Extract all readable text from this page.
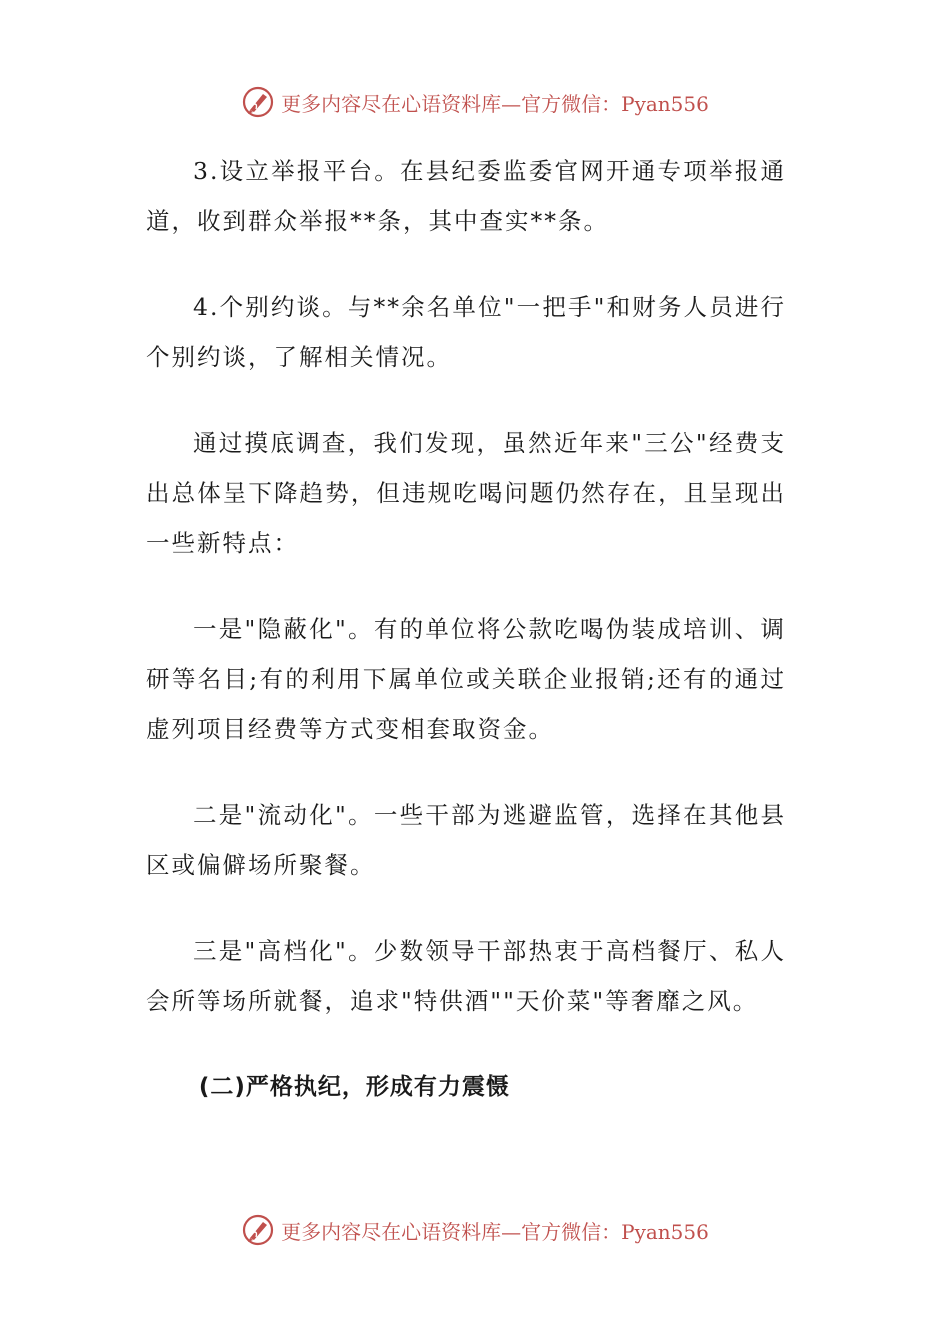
更多内容尽在心语资料库—官方微信：Pyan556

3.设立举报平台。在县纪委监委官网开通专项举报通道，收到群众举报**条，其中查实**条。

4.个别约谈。与**余名单位"一把手"和财务人员进行个别约谈，了解相关情况。

通过摸底调查，我们发现，虽然近年来"三公"经费支出总体呈下降趋势，但违规吃喝问题仍然存在，且呈现出一些新特点：

一是"隐蔽化"。有的单位将公款吃喝伪装成培训、调研等名目;有的利用下属单位或关联企业报销;还有的通过虚列项目经费等方式变相套取资金。

二是"流动化"。一些干部为逃避监管，选择在其他县区或偏僻场所聚餐。

三是"高档化"。少数领导干部热衷于高档餐厅、私人会所等场所就餐，追求"特供酒""天价菜"等奢靡之风。

(二)严格执纪，形成有力震慑

更多内容尽在心语资料库—官方微信：Pyan556
